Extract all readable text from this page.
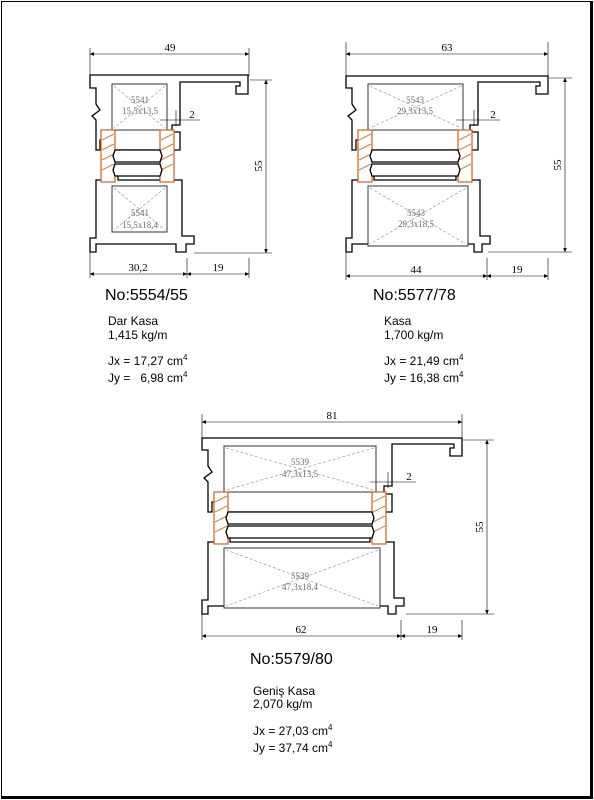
49
55
30,2	19
5541
15,5x13,5	2
5541
15,5x18,4
63
55
44	19
5543
29,3x13,5	2
5543
29,3x18,5
81
55
62	19
5539
47,3x13,5	2
5539
47,3x18.4
No:5554/55
Dar Kasa
1,415 kg/m
Jx = 17,27 $cm^4$
Jy =   6,98 $cm^4$
No:5577/78
Kasa
1,700 kg/m
Jx = 21,49 $cm^4$
Jy = 16,38 $cm^4$
No:5579/80
Geniş Kasa
2,070 kg/m
Jx = 27,03 $cm^4$
Jy = 37,74 $cm^4$
